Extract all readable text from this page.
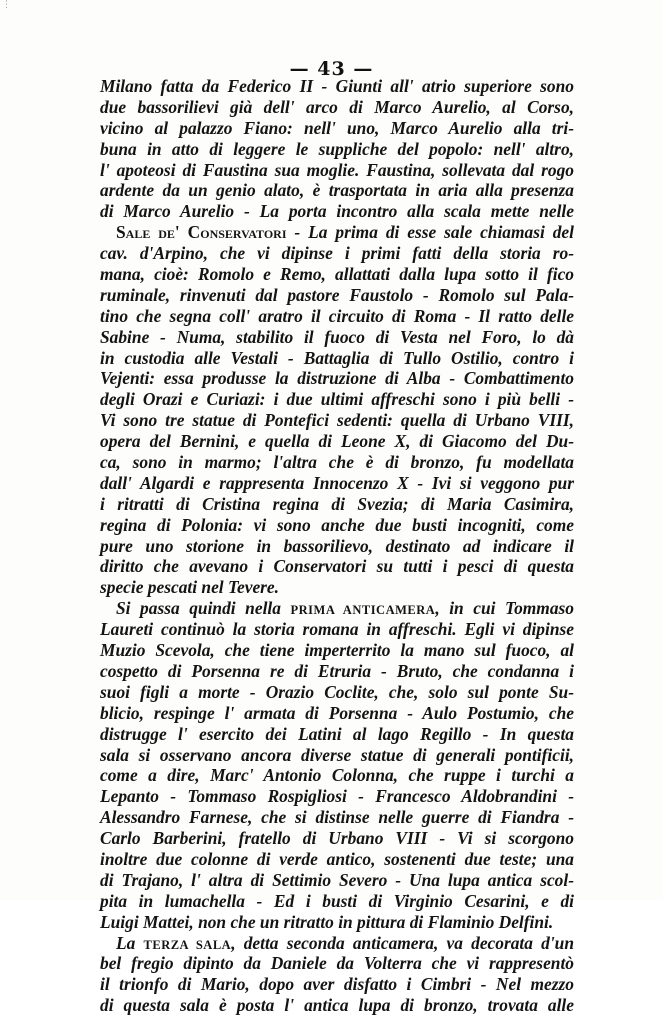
⋮
— 43 —
Milano fatta da Federico II - Giunti all' atrio superiore sono
due bassorilievi già dell' arco di Marco Aurelio, al Corso,
vicino al palazzo Fiano: nell' uno, Marco Aurelio alla tri-
buna in atto di leggere le suppliche del popolo: nell' altro,
l' apoteosi di Faustina sua moglie. Faustina, sollevata dal rogo
ardente da un genio alato, è trasportata in aria alla presenza
di Marco Aurelio - La porta incontro alla scala mette nelle
Sale de' Conservatori - La prima di esse sale chiamasi del
cav. d'Arpino, che vi dipinse i primi fatti della storia ro-
mana, cioè: Romolo e Remo, allattati dalla lupa sotto il fico
ruminale, rinvenuti dal pastore Faustolo - Romolo sul Pala-
tino che segna coll' aratro il circuito di Roma - Il ratto delle
Sabine - Numa, stabilito il fuoco di Vesta nel Foro, lo dà
in custodia alle Vestali - Battaglia di Tullo Ostilio, contro i
Vejenti: essa produsse la distruzione di Alba - Combattimento
degli Orazi e Curiazi: i due ultimi affreschi sono i più belli -
Vi sono tre statue di Pontefici sedenti: quella di Urbano VIII,
opera del Bernini, e quella di Leone X, di Giacomo del Du-
ca, sono in marmo; l'altra che è di bronzo, fu modellata
dall' Algardi e rappresenta Innocenzo X - Ivi si veggono pur
i ritratti di Cristina regina di Svezia; di Maria Casimira,
regina di Polonia: vi sono anche due busti incogniti, come
pure uno storione in bassorilievo, destinato ad indicare il
diritto che avevano i Conservatori su tutti i pesci di questa
specie pescati nel Tevere.
Si passa quindi nella PRIMA ANTICAMERA, in cui Tommaso
Laureti continuò la storia romana in affreschi. Egli vi dipinse
Muzio Scevola, che tiene imperterrito la mano sul fuoco, al
cospetto di Porsenna re di Etruria - Bruto, che condanna i
suoi figli a morte - Orazio Coclite, che, solo sul ponte Su-
blicio, respinge l' armata di Porsenna - Aulo Postumio, che
distrugge l' esercito dei Latini al lago Regillo - In questa
sala si osservano ancora diverse statue di generali pontificii,
come a dire, Marc' Antonio Colonna, che ruppe i turchi a
Lepanto - Tommaso Rospigliosi - Francesco Aldobrandini -
Alessandro Farnese, che si distinse nelle guerre di Fiandra -
Carlo Barberini, fratello di Urbano VIII - Vi si scorgono
inoltre due colonne di verde antico, sostenenti due teste; una
di Trajano, l' altra di Settimio Severo - Una lupa antica scol-
pita in lumachella - Ed i busti di Virginio Cesarini, e di
Luigi Mattei, non che un ritratto in pittura di Flaminio Delfini.
La TERZA SALA, detta seconda anticamera, va decorata d'un
bel fregio dipinto da Daniele da Volterra che vi rappresentò
il trionfo di Mario, dopo aver disfatto i Cimbri - Nel mezzo
di questa sala è posta l' antica lupa di bronzo, trovata alle
